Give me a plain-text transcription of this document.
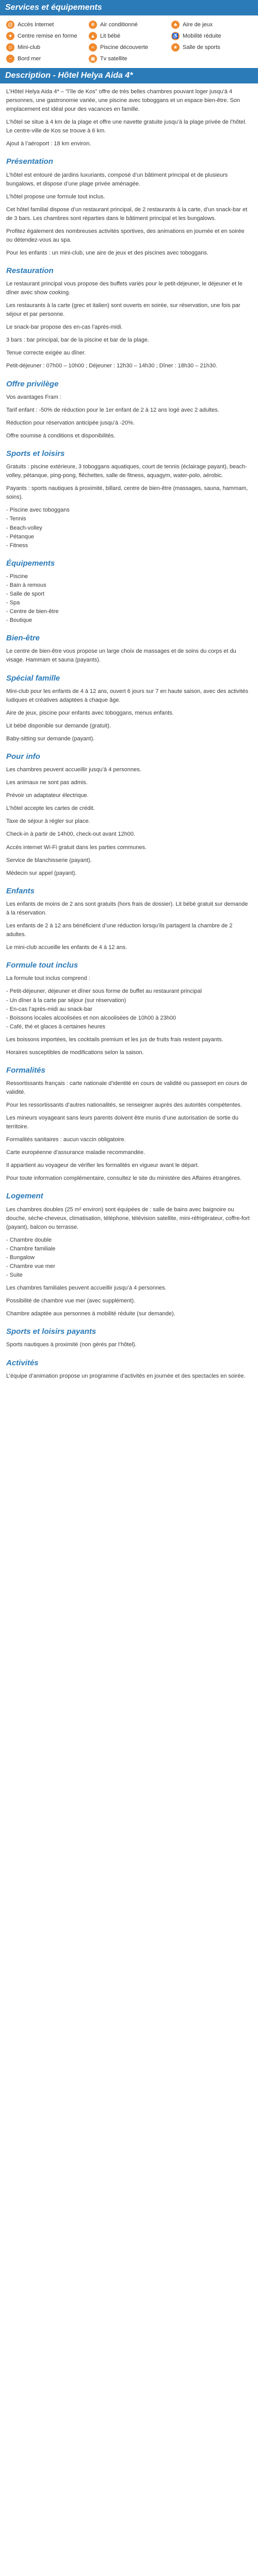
Services et équipements
@ Accès Internet	❄ Air conditionné	♣ Aire de jeux
♥	Centre remise en forme	▲ Lit bébé	♿ Mobilité réduite
☺ Mini-club	≈	Piscine découverte	★ Salle de sports
~	Bord mer	▣ Tv satellite
Description - Hôtel Helya Aida 4*

L’Hôtel Helya Aida 4* – "l’île de Kos" offre de très belles chambres pouvant loger jusqu’à 4 personnes, une gastronomie variée, une piscine avec toboggans et un espace bien-être. Son emplacement est idéal pour des vacances en famille.

L’hôtel se situe à 4 km de la plage et offre une navette gratuite jusqu’à la plage privée de l’hôtel. Le centre-ville de Kos se trouve à 6 km.

Ajout à l’aéroport : 18 km environ.

Présentation

L’hôtel est entouré de jardins luxuriants, composé d’un bâtiment principal et de plusieurs bungalows, et dispose d’une plage privée aménagée.

L’hôtel propose une formule tout inclus.

Cet hôtel familial dispose d’un restaurant principal, de 2 restaurants à la carte, d’un snack-bar et de 3 bars. Les chambres sont réparties dans le bâtiment principal et les bungalows.

Profitez également des nombreuses activités sportives, des animations en journée et en soirée ou détendez-vous au spa.

Pour les enfants : un mini-club, une aire de jeux et des piscines avec toboggans.

Restauration

Le restaurant principal vous propose des buffets variés pour le petit-déjeuner, le déjeuner et le dîner avec show cooking.

Les restaurants à la carte (grec et italien) sont ouverts en soirée, sur réservation, une fois par séjour et par personne.

Le snack-bar propose des en-cas l’après-midi.

3 bars : bar principal, bar de la piscine et bar de la plage.

Tenue correcte exigée au dîner.

Petit-déjeuner : 07h00 – 10h00 ; Déjeuner : 12h30 – 14h30 ; Dîner : 18h30 – 21h30.

Offre privilège

Vos avantages Fram :

Tarif enfant : -50% de réduction pour le 1er enfant de 2 à 12 ans logé avec 2 adultes.

Réduction pour réservation anticipée jusqu’à -20%.

Offre soumise à conditions et disponibilités.

Sports et loisirs

Gratuits : piscine extérieure, 3 toboggans aquatiques, court de tennis (éclairage payant), beach-volley, pétanque, ping-pong, fléchettes, salle de fitness, aquagym, water-polo, aérobic.

Payants : sports nautiques à proximité, billard, centre de bien-être (massages, sauna, hammam, soins).

- Piscine avec toboggans
- Tennis
- Beach-volley
- Pétanque
- Fitness
Équipements
- Piscine
- Bain à remous
- Salle de sport
- Spa
- Centre de bien-être
- Boutique
Bien-être

Le centre de bien-être vous propose un large choix de massages et de soins du corps et du visage. Hammam et sauna (payants).

Spécial famille

Mini-club pour les enfants de 4 à 12 ans, ouvert 6 jours sur 7 en haute saison, avec des activités ludiques et créatives adaptées à chaque âge.

Aire de jeux, piscine pour enfants avec toboggans, menus enfants.

Lit bébé disponible sur demande (gratuit).

Baby-sitting sur demande (payant).

Pour info

Les chambres peuvent accueillir jusqu’à 4 personnes.

Les animaux ne sont pas admis.

Prévoir un adaptateur électrique.

L’hôtel accepte les cartes de crédit.

Taxe de séjour à régler sur place.

Check-in à partir de 14h00, check-out avant 12h00.

Accès internet Wi-Fi gratuit dans les parties communes.

Service de blanchisserie (payant).

Médecin sur appel (payant).

Enfants

Les enfants de moins de 2 ans sont gratuits (hors frais de dossier). Lit bébé gratuit sur demande à la réservation.

Les enfants de 2 à 12 ans bénéficient d’une réduction lorsqu’ils partagent la chambre de 2 adultes.

Le mini-club accueille les enfants de 4 à 12 ans.

Formule tout inclus

La formule tout inclus comprend :

- Petit-déjeuner, déjeuner et dîner sous forme de buffet au restaurant principal
- Un dîner à la carte par séjour (sur réservation)
- En-cas l’après-midi au snack-bar
- Boissons locales alcoolisées et non alcoolisées de 10h00 à 23h00
- Café, thé et glaces à certaines heures

Les boissons importées, les cocktails premium et les jus de fruits frais restent payants.

Horaires susceptibles de modifications selon la saison.

Formalités

Ressortissants français : carte nationale d’identité en cours de validité ou passeport en cours de validité.

Pour les ressortissants d’autres nationalités, se renseigner auprès des autorités compétentes.

Les mineurs voyageant sans leurs parents doivent être munis d’une autorisation de sortie du territoire.

Formalités sanitaires : aucun vaccin obligatoire.

Carte européenne d’assurance maladie recommandée.

Il appartient au voyageur de vérifier les formalités en vigueur avant le départ.

Pour toute information complémentaire, consultez le site du ministère des Affaires étrangères.

Logement

Les chambres doubles (25 m² environ) sont équipées de : salle de bains avec baignoire ou douche, sèche-cheveux, climatisation, téléphone, télévision satellite, mini-réfrigérateur, coffre-fort (payant), balcon ou terrasse.

- Chambre double
- Chambre familiale
- Bungalow
- Chambre vue mer
- Suite

Les chambres familiales peuvent accueillir jusqu’à 4 personnes.

Possibilité de chambre vue mer (avec supplément).

Chambre adaptée aux personnes à mobilité réduite (sur demande).

Sports et loisirs payants

Sports nautiques à proximité (non gérés par l’hôtel).

Activités

L’équipe d’animation propose un programme d’activités en journée et des spectacles en soirée.
